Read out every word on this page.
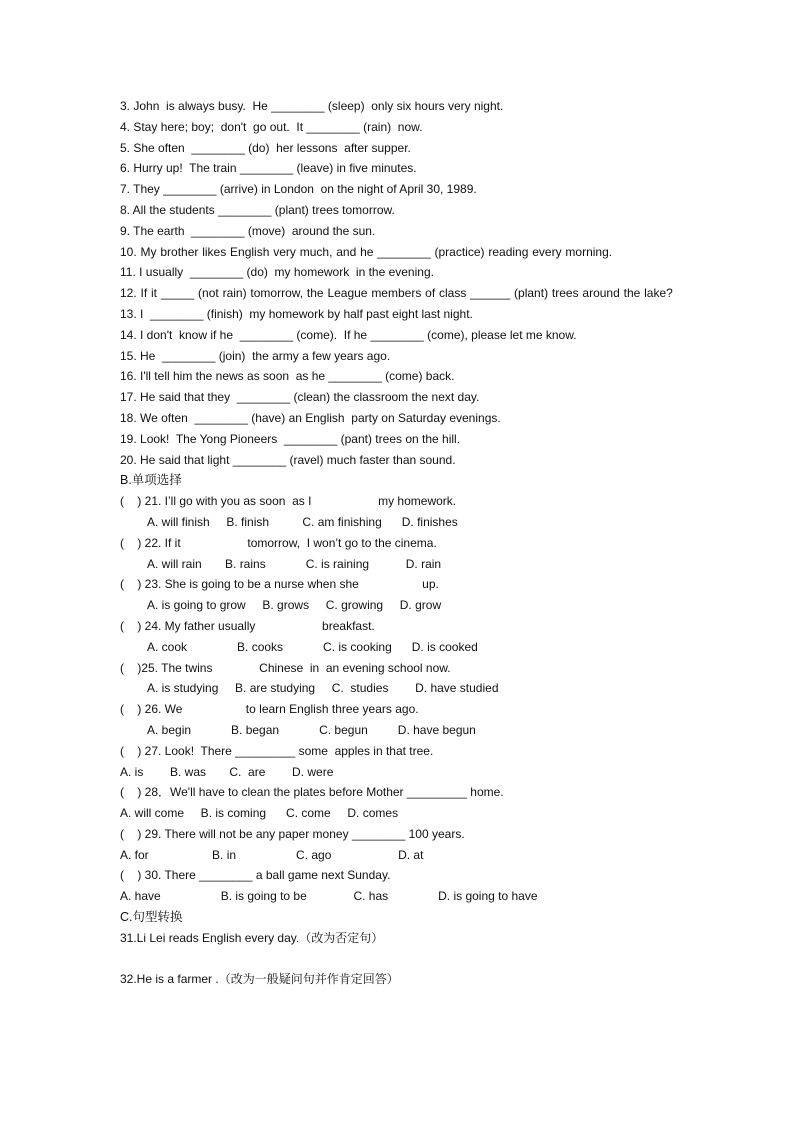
3. John  is always busy.  He ________ (sleep)  only six hours very night.
4. Stay here; boy;  don't  go out.  It ________ (rain)  now.
5. She often  ________ (do)  her lessons  after supper.
6. Hurry up!  The train ________ (leave) in five minutes.
7. They ________ (arrive) in London  on the night of April 30, 1989.
8. All the students ________ (plant) trees tomorrow.
9. The earth  ________ (move)  around the sun.
10. My brother likes English very much, and he ________ (practice) reading every morning.
11. I usually  ________ (do)  my homework  in the evening.
12. If it _____ (not rain) tomorrow, the League members of class ______ (plant) trees around the lake?
13. I  ________ (finish)  my homework by half past eight last night.
14. I don't  know if he  ________ (come).  If he ________ (come), please let me know.
15. He  ________ (join)  the army a few years ago.
16. I'll tell him the news as soon  as he ________ (come) back.
17. He said that they  ________ (clean) the classroom the next day.
18. We often  ________ (have) an English  party on Saturday evenings.
19. Look!  The Yong Pioneers  ________ (pant) trees on the hill.
20. He said that light ________ (ravel) much faster than sound.
B.单项选择
(    ) 21. I’ll go with you as soon  as I                    my homework.
A. will finish     B. finish          C. am finishing      D. finishes
(    ) 22. If it                    tomorrow,  I won’t go to the cinema.
A. will rain       B. rains            C. is raining           D. rain
(    ) 23. She is going to be a nurse when she                   up.
A. is going to grow     B. grows     C. growing     D. grow
(    ) 24. My father usually                    breakfast.
A. cook               B. cooks            C. is cooking      D. is cooked
(    )25. The twins              Chinese  in  an evening school now.
A. is studying     B. are studying     C.  studies        D. have studied
(    ) 26. We                   to learn English three years ago.
A. begin            B. began            C. begun         D. have begun
(    ) 27. Look!  There _________ some  apples in that tree.
A. is        B. was       C.  are        D. were
(    ) 28．We'll have to clean the plates before Mother _________ home.
A. will come     B. is coming      C. come     D. comes
(    ) 29. There will not be any paper money ________ 100 years.
A. for                   B. in                  C. ago                    D. at
(    ) 30. There ________ a ball game next Sunday.
A. have                  B. is going to be              C. has               D. is going to have
C.句型转换
31.Li Lei reads English every day.（改为否定句）
32.He is a farmer .（改为一般疑问句并作肯定回答）
